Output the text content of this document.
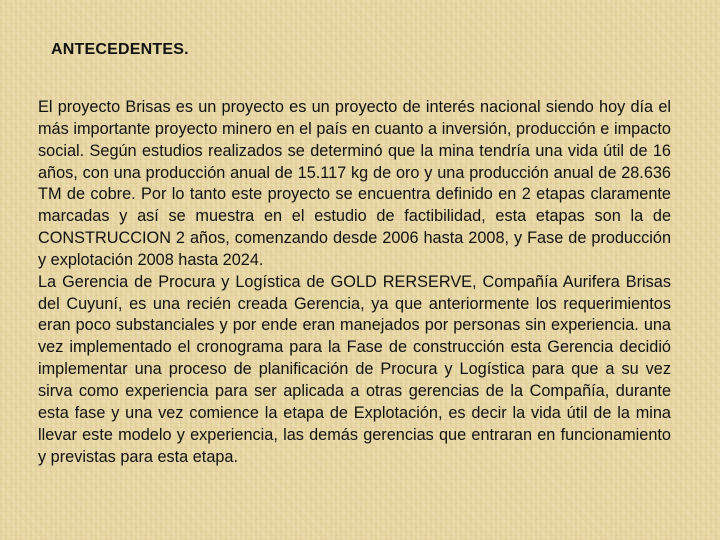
ANTECEDENTES.

El proyecto Brisas es un proyecto es un proyecto de interés nacional siendo hoy día el más importante proyecto minero en el país en cuanto a inversión, producción e impacto social. Según estudios realizados se determinó que la mina tendría una vida útil de 16 años, con una producción anual de 15.117 kg de oro y una producción anual de 28.636 TM de cobre. Por lo tanto este proyecto se encuentra definido en 2 etapas claramente marcadas y así se muestra en el estudio de factibilidad, esta etapas son la de CONSTRUCCION 2 años, comenzando desde 2006 hasta 2008, y Fase de producción y explotación 2008 hasta 2024.

La Gerencia de Procura y Logística de GOLD RERSERVE, Compañía Aurifera Brisas del Cuyuní, es una recién creada Gerencia, ya que anteriormente los requerimientos eran poco substanciales y por ende eran manejados por personas sin experiencia. una vez implementado el cronograma para la Fase de construcción esta Gerencia decidió implementar una proceso de planificación de Procura y Logística para que a su vez sirva como experiencia para ser aplicada a otras gerencias de la Compañía, durante esta fase y una vez comience la etapa de Explotación, es decir la vida útil de la mina llevar este modelo y experiencia, las demás gerencias que entraran en funcionamiento y previstas para esta etapa.
